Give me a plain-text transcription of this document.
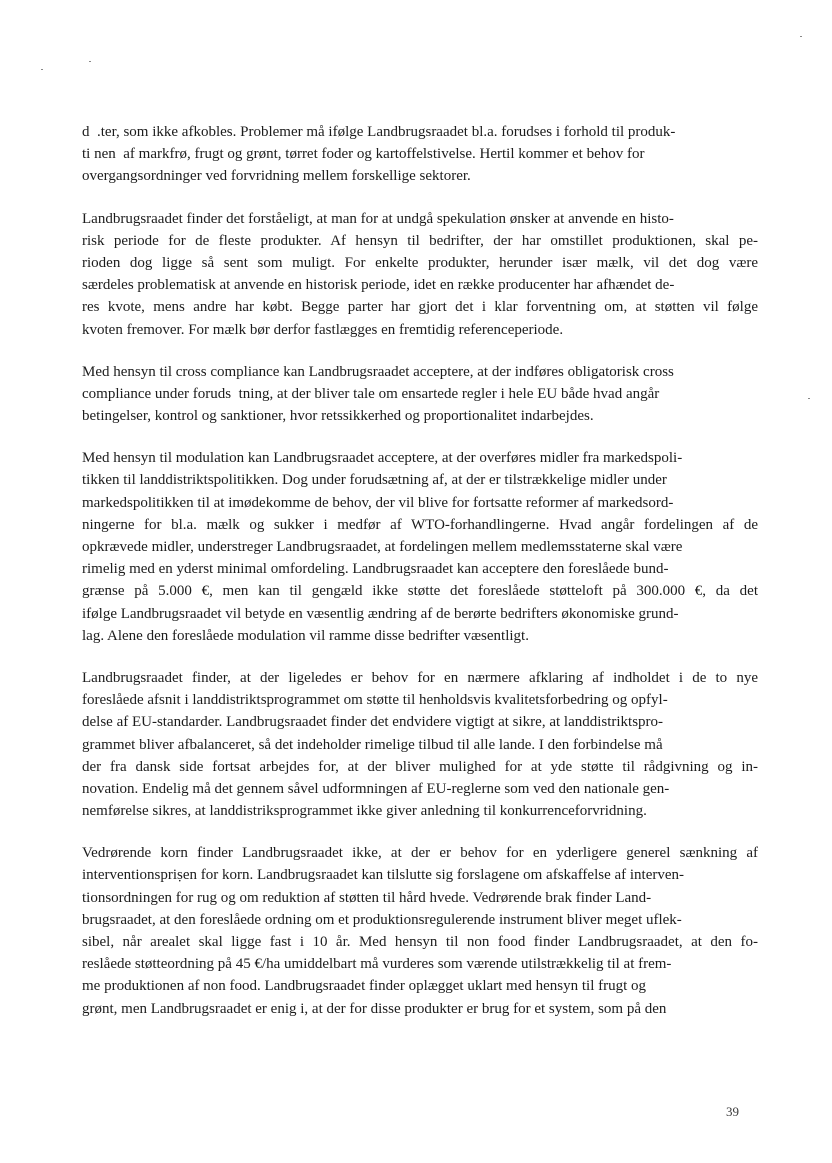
d  .ter, som ikke afkobles. Problemer må ifølge Landbrugsraadet bl.a. forudses i forhold til produk-
ti nen  af markfrø, frugt og grønt, tørret foder og kartoffelstivelse. Hertil kommer et behov for
overgangsordninger ved forvridning mellem forskellige sektorer.
Landbrugsraadet finder det forståeligt, at man for at undgå spekulation ønsker at anvende en histo-
risk periode for de fleste produkter. Af hensyn til bedrifter, der har omstillet produktionen, skal pe-
rioden dog ligge så sent som muligt. For enkelte produkter, herunder især mælk, vil det dog være
særdeles problematisk at anvende en historisk periode, idet en række producenter har afhændet de-
res kvote, mens andre har købt. Begge parter har gjort det i klar forventning om, at støtten vil følge
kvoten fremover. For mælk bør derfor fastlægges en fremtidig referenceperiode.
Med hensyn til cross compliance kan Landbrugsraadet acceptere, at der indføres obligatorisk cross
compliance under foruds  tning, at der bliver tale om ensartede regler i hele EU både hvad angår
betingelser, kontrol og sanktioner, hvor retssikkerhed og proportionalitet indarbejdes.
Med hensyn til modulation kan Landbrugsraadet acceptere, at der overføres midler fra markedspoli-
tikken til landdistriktspolitikken. Dog under forudsætning af, at der er tilstrækkelige midler under
markedspolitikken til at imødekomme de behov, der vil blive for fortsatte reformer af markedsord-
ningerne for bl.a. mælk og sukker i medfør af WTO-forhandlingerne. Hvad angår fordelingen af de
opkrævede midler, understreger Landbrugsraadet, at fordelingen mellem medlemsstaterne skal være
rimelig med en yderst minimal omfordeling. Landbrugsraadet kan acceptere den foreslåede bund-
grænse på 5.000 €, men kan til gengæld ikke støtte det foreslåede støtteloft på 300.000 €, da det
ifølge Landbrugsraadet vil betyde en væsentlig ændring af de berørte bedrifters økonomiske grund-
lag. Alene den foreslåede modulation vil ramme disse bedrifter væsentligt.
Landbrugsraadet finder, at der ligeledes er behov for en nærmere afklaring af indholdet i de to nye
foreslåede afsnit i landdistriktsprogrammet om støtte til henholdsvis kvalitetsforbedring og opfyl-
delse af EU-standarder. Landbrugsraadet finder det endvidere vigtigt at sikre, at landdistriktspro-
grammet bliver afbalanceret, så det indeholder rimelige tilbud til alle lande. I den forbindelse må
der fra dansk side fortsat arbejdes for, at der bliver mulighed for at yde støtte til rådgivning og in-
novation. Endelig må det gennem såvel udformningen af EU-reglerne som ved den nationale gen-
nemførelse sikres, at landdistriksprogrammet ikke giver anledning til konkurrenceforvridning.
Vedrørende korn finder Landbrugsraadet ikke, at der er behov for en yderligere generel sænkning af
interventionspriṣen for korn. Landbrugsraadet kan tilslutte sig forslagene om afskaffelse af interven-
tionsordningen for rug og om reduktion af støtten til hård hvede. Vedrørende brak finder Land-
brugsraadet, at den foreslåede ordning om et produktionsregulerende instrument bliver meget uflek-
sibel, når arealet skal ligge fast i 10 år. Med hensyn til non food finder Landbrugsraadet, at den fo-
reslåede støtteordning på 45 €/ha umiddelbart må vurderes som værende utilstrækkelig til at frem-
me produktionen af non food. Landbrugsraadet finder oplægget uklart med hensyn til frugt og
grønt, men Landbrugsraadet er enig i, at der for disse produkter er brug for et system, som på den
39
